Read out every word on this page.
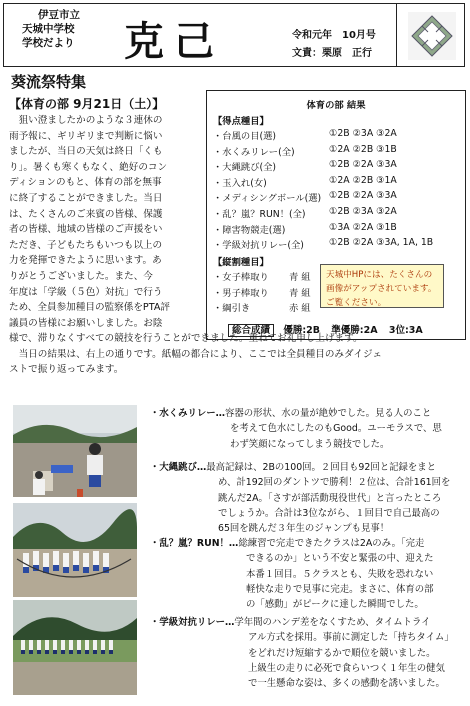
伊豆市立
天城中学校
学校だより	克己	令和元年　10月号
文責：栗原　正行
葵流祭特集
【体育の部 9月21日（土）】

　狙い澄ましたかのような３連休の

雨予報に、ギリギリまで判断に悩い

ましたが、当日の天気は終日「くも

り」。暑くも寒くもなく、絶好のコン

ディションのもと、体育の部を無事

に終了することができました。当日

は、たくさんのご来賓の皆様、保護

者の皆様、地域の皆様のご声援をい

ただき、子どもたちもいつも以上の

力を発揮できたように思います。あ

りがとうございました。また、今

年度は「学級（５色）対抗」で行う

ため、全員参加種目の監察係をPTA評

議員の皆様にお願いしました。お陰

様で、滞りなくすべての競技を行うことができました。重ねてお礼申し上げます。

　当日の結果は、右上の通りです。紙幅の都合により、ここでは全員種目のみダイジェ

ストで振り返ってみます。

体育の部 結果
【得点種目】
・台風の目(選)	①2B ②3A ③2A
・水くみリレー(全)	①2A ②2B ③1B
・大縄跳び(全)	①2B ②2A ③3A
・玉入れ(女)	①2A ②2B ③1A
・メディシングボール(選) ①2B ②2A ③3A
・乱？嵐？RUN！(全)	①2B ②3A ③2A
・障害物競走(選)	①3A ②2A ③1B
・学級対抗リレー(全)	①2B ②2A ③3A, 1A, 1B
【縦割種目】
・女子棒取り 青 組
・男子棒取り 青 組
・綱引き	赤 組
天城中HPには、たくさんの画像がアップされています。ご覧ください。
総合成績 優勝:2B 準優勝:2A 3位:3A
・水くみリレー…容器の形状、水の量が絶妙でした。見る人のこと
を考えて色水にしたのもGood。ユーモラスで、思
わず笑顔になってしまう競技でした。
・大縄跳び…最高記録は、2Bの100回。２回目も92回と記録をまと
め、計192回のダントツで勝利！２位は、合計161回を
跳んだ2A。「さすが部活動現役世代」と言ったところ
でしょうか。合計は3位ながら、１回目で自己最高の
65回を跳んだ３年生のジャンプも見事！
・乱？嵐？RUN！…総練習で完走できたクラスは2Aのみ。「完走
できるのか」という不安と緊張の中、迎えた
本番１回目。５クラスとも、失敗を恐れない
軽快な走りで見事に完走。まさに、体育の部
の「感動」がピークに達した瞬間でした。
・学級対抗リレー…学年間のハンデ差をなくすため、タイムトライ
アル方式を採用。事前に測定した「持ちタイム」
をどれだけ短縮するかで順位を競いました。
上級生の走りに必死で食らいつく１年生の健気
で一生懸命な姿は、多くの感動を誘いました。
